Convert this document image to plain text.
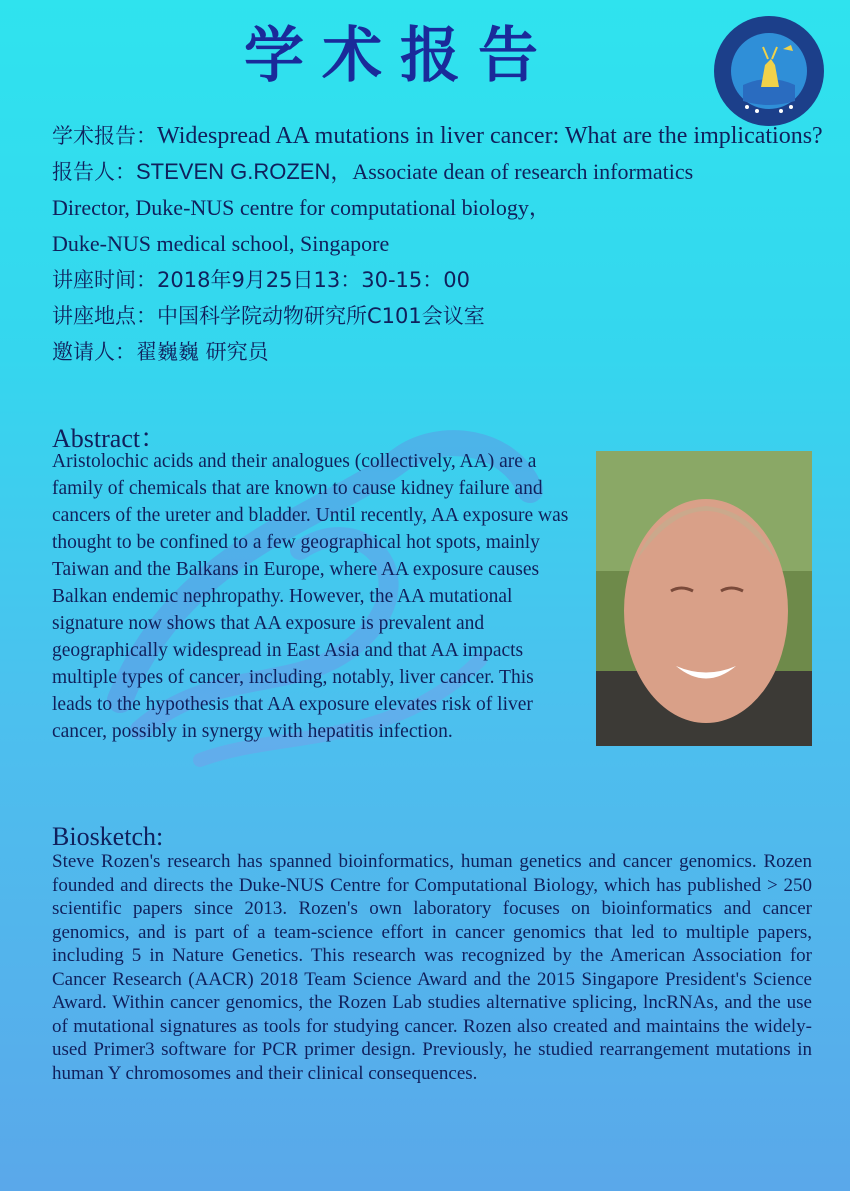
学术报告

学术报告：Widespread AA mutations in liver cancer: What are the implications?

报告人：STEVEN G.ROZEN，Associate dean of research informatics

Director, Duke-NUS centre for computational biology，

Duke-NUS medical school, Singapore

讲座时间：2018年9月25日13：30-15：00

讲座地点：中国科学院动物研究所C101会议室

邀请人：翟巍巍 研究员

Abstract：
Aristolochic acids and their analogues (collectively, AA) are a family of chemicals that are known to cause kidney failure and cancers of the ureter and bladder. Until recently, AA exposure was thought to be confined to a few geographical hot spots, mainly Taiwan and the Balkans in Europe, where AA exposure causes Balkan endemic nephropathy. However, the AA mutational signature now shows that AA exposure is prevalent and geographically widespread in East Asia and that AA impacts multiple types of cancer, including, notably, liver cancer. This leads to the hypothesis that AA exposure elevates risk of liver cancer, possibly in synergy with hepatitis infection.
Biosketch:
Steve Rozen's research has spanned bioinformatics, human genetics and cancer genomics. Rozen founded and directs the Duke-NUS Centre for Computational Biology, which has published > 250 scientific papers since 2013. Rozen's own laboratory focuses on bioinformatics and cancer genomics, and is part of a team-science effort in cancer genomics that led to multiple papers, including 5 in Nature Genetics. This research was recognized by the American Association for Cancer Research (AACR) 2018 Team Science Award and the 2015 Singapore President's Science Award. Within cancer genomics, the Rozen Lab studies alternative splicing, lncRNAs, and the use of mutational signatures as tools for studying cancer. Rozen also created and maintains the widely-used Primer3 software for PCR primer design. Previously, he studied rearrangement mutations in human Y chromosomes and their clinical consequences.
